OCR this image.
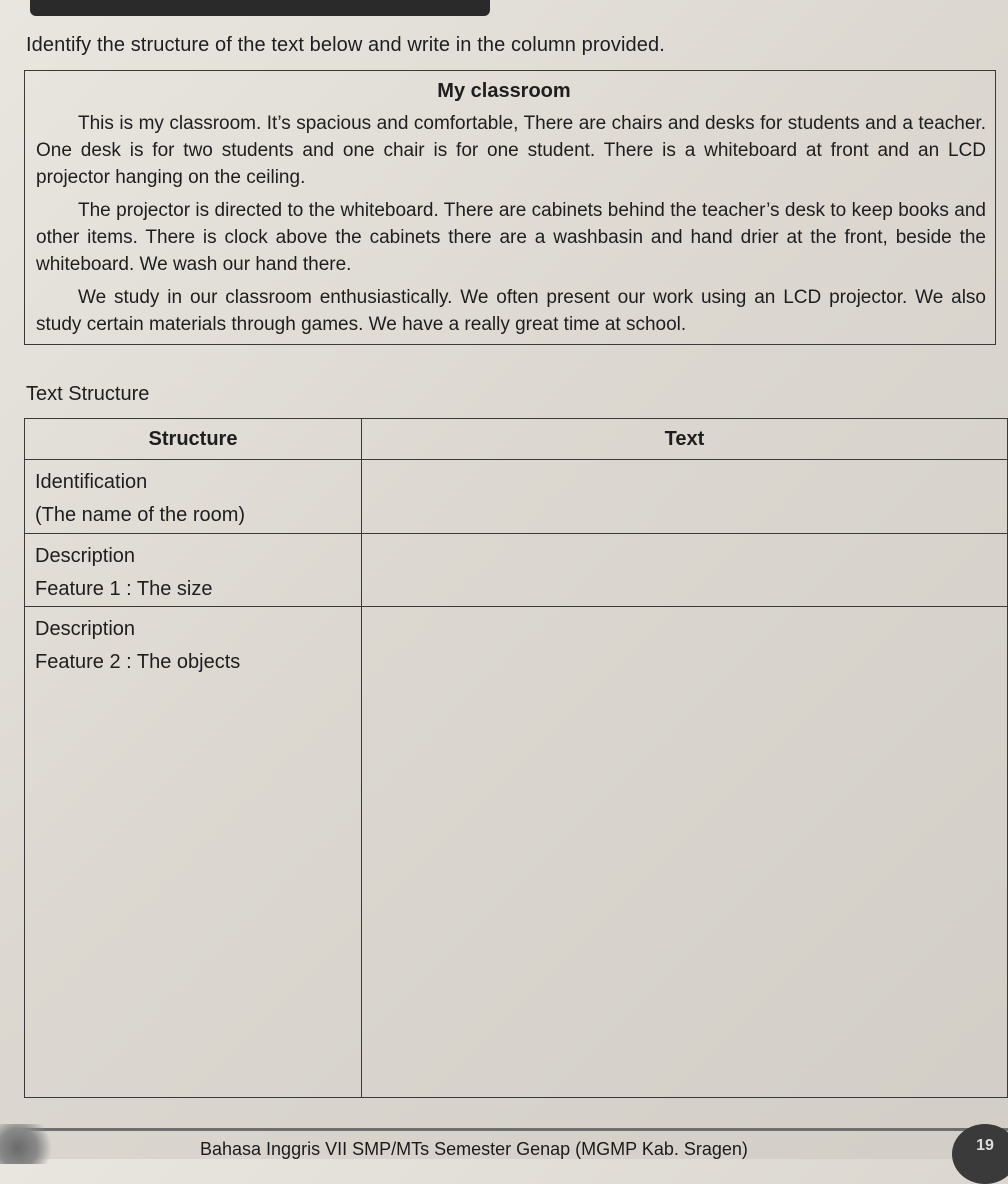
Identify the structure of the text below and write in the column provided.
My classroom

This is my classroom. It’s spacious and comfortable, There are chairs and desks for students and a teacher. One desk is for two students and one chair is for one student. There is a whiteboard at front and an LCD projector hanging on the ceiling.

The projector is directed to the whiteboard. There are cabinets behind the teacher’s desk to keep books and other items. There is clock above the cabinets there are a washbasin and hand drier at the front, beside the whiteboard. We wash our hand there.

We study in our classroom enthusiastically. We often present our work using an LCD projector. We also study certain materials through games. We have a really great time at school.

Text Structure
Structure	Text

Identification
(The name of the room)	

Description
Feature 1 : The size	

Description
Feature 2 : The objects	

Bahasa Inggris VII SMP/MTs Semester Genap (MGMP Kab. Sragen)	19
